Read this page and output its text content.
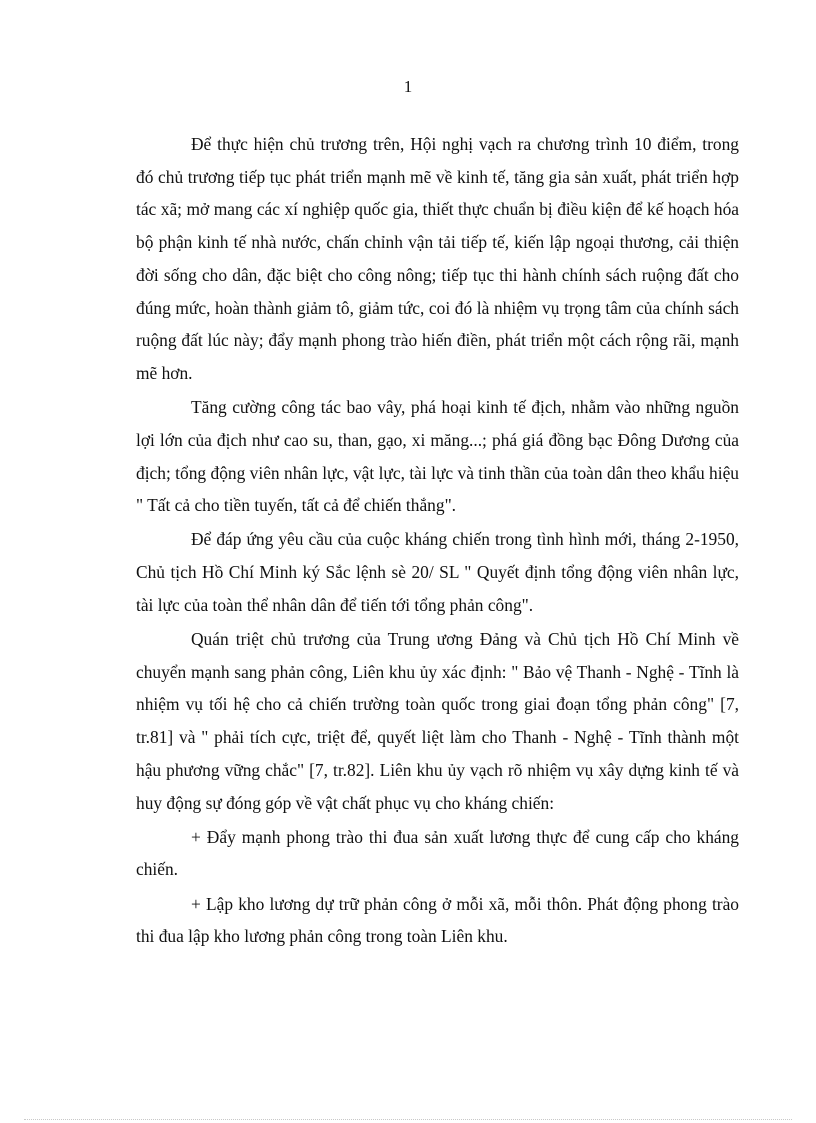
1

Để thực hiện chủ trương trên, Hội nghị vạch ra chương trình 10 điểm, trong đó chủ trương tiếp tục phát triển mạnh mẽ về kinh tế, tăng gia sản xuất, phát triển hợp tác xã; mở mang các xí nghiệp quốc gia, thiết thực chuẩn bị điều kiện để kế hoạch hóa bộ phận kinh tế nhà nước, chấn chỉnh vận tải tiếp tế, kiến lập ngoại thương, cải thiện đời sống cho dân, đặc biệt cho công nông; tiếp tục thi hành chính sách ruộng đất cho đúng mức, hoàn thành giảm tô, giảm tức, coi đó là nhiệm vụ trọng tâm của chính sách ruộng đất lúc này; đẩy mạnh phong trào hiến điền, phát triển một cách rộng rãi, mạnh mẽ hơn.

Tăng cường công tác bao vây, phá hoại kinh tế địch, nhằm vào những nguồn lợi lớn của địch như cao su, than, gạo, xi măng...; phá giá đồng bạc Đông Dương của địch; tổng động viên nhân lực, vật lực, tài lực và tinh thần của toàn dân theo khẩu hiệu " Tất cả cho tiền tuyến, tất cả để chiến thắng".

Để đáp ứng yêu cầu của cuộc kháng chiến trong tình hình mới, tháng 2-1950, Chủ tịch Hồ Chí Minh ký Sắc lệnh sè 20/ SL " Quyết định tổng động viên nhân lực, tài lực của toàn thể nhân dân để tiến tới tổng phản công".

Quán triệt chủ trương của Trung ương Đảng và Chủ tịch Hồ Chí Minh về chuyển mạnh sang phản công, Liên khu ủy xác định: " Bảo vệ Thanh - Nghệ - Tĩnh là nhiệm vụ tối hệ cho cả chiến trường toàn quốc trong giai đoạn tổng phản công" [7, tr.81] và " phải tích cực, triệt để, quyết liệt làm cho Thanh - Nghệ - Tĩnh thành một hậu phương vững chắc" [7, tr.82]. Liên khu ủy vạch rõ nhiệm vụ xây dựng kinh tế và huy động sự đóng góp về vật chất phục vụ cho kháng chiến:

+ Đẩy mạnh phong trào thi đua sản xuất lương thực để cung cấp cho kháng chiến.

+ Lập kho lương dự trữ phản công ở mỗi xã, mỗi thôn. Phát động phong trào thi đua lập kho lương phản công trong toàn Liên khu.
